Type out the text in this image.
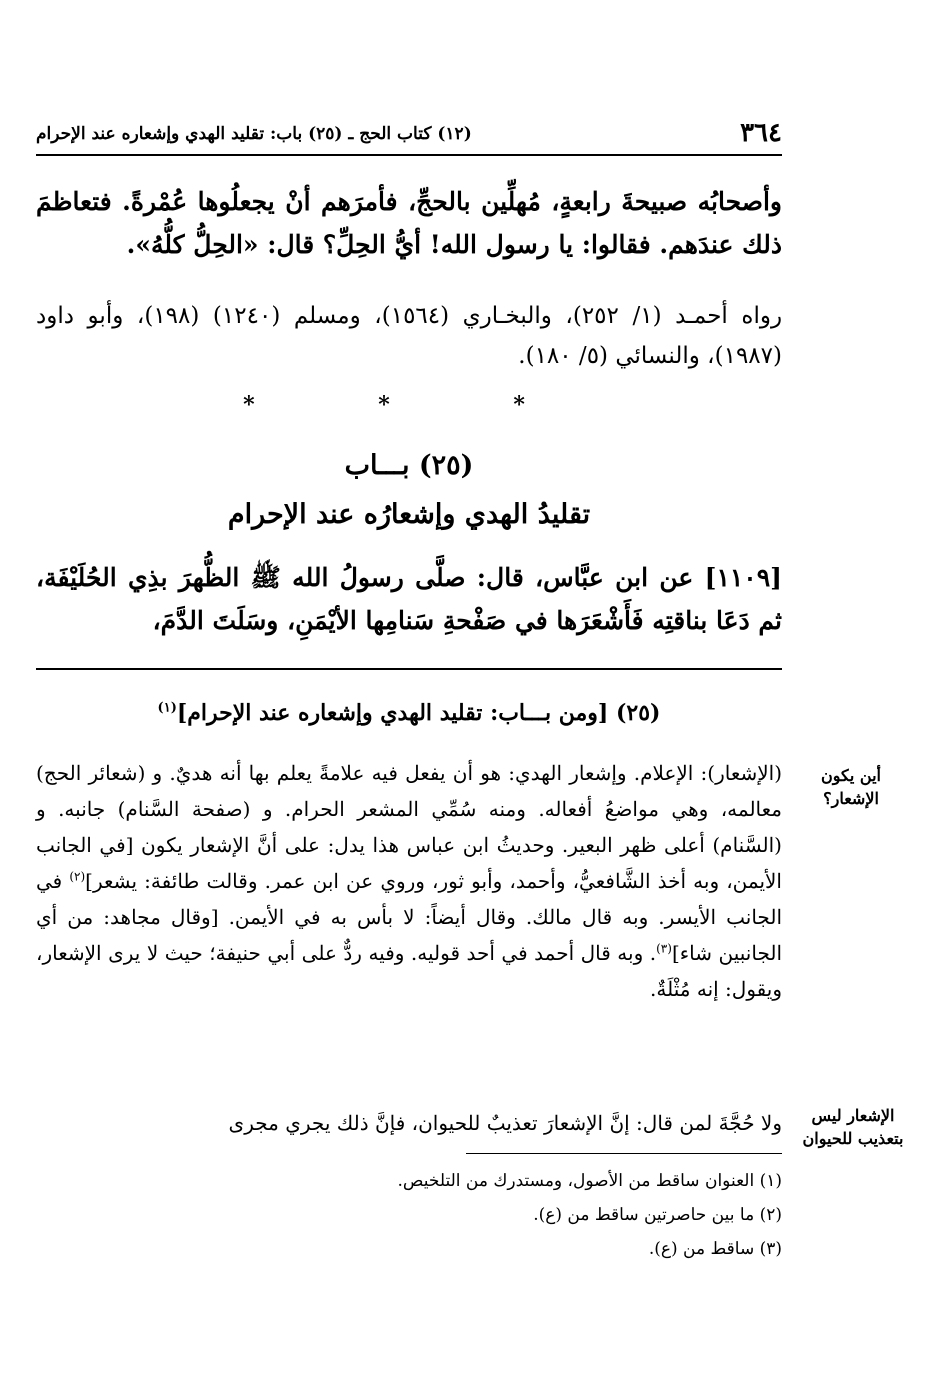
٣٦٤
(١٢) كتاب الحج ـ (٢٥) باب: تقليد الهدي وإشعاره عند الإحرام
وأصحابُه صبيحةَ رابعةٍ، مُهلِّين بالحجِّ، فأمرَهم أنْ يجعلُوها عُمْرةً. فتعاظمَ ذلك عندَهم. فقالوا: يا رسول الله! أيُّ الحِلِّ؟ قال: «الحِلُّ كلُّهُ».
رواه أحمـد (١/ ٢٥٢)، والبخـاري (١٥٦٤)، ومسلم (١٢٤٠) (١٩٨)، وأبو داود (١٩٨٧)، والنسائي (٥/ ١٨٠).
* * *
(٢٥) بـــاب
تقليدُ الهدي وإشعارُه عند الإحرام
[١١٠٩] عن ابن عبَّاس، قال: صلَّى رسولُ الله ﷺ الظُّهرَ بذِي الحُلَيْفَة، ثم دَعَا بناقتِه فَأَشْعَرَها في صَفْحةِ سَنامِها الأيْمَنِ، وسَلَتَ الدَّمَ،
(٢٥) [ومن بـــاب: تقليد الهدي وإشعاره عند الإحرام]$^{(١)}$
(الإشعار): الإعلام. وإشعار الهدي: هو أن يفعل فيه علامةً يعلم بها أنه هديٌ. و (شعائر الحج) معالمه، وهي مواضعُ أفعاله. ومنه سُمِّي المشعر الحرام. و (صفحة السَّنام) جانبه. و (السَّنام) أعلى ظهر البعير. وحديثُ ابن عباس هذا يدل: على أنَّ الإشعار يكون [في الجانب الأيمن، وبه أخذ الشَّافعيُّ، وأحمد، وأبو ثور، وروي عن ابن عمر. وقالت طائفة: يشعر]$^{(٢)}$ في الجانب الأيسر. وبه قال مالك. وقال أيضاً: لا بأس به في الأيمن. [وقال مجاهد: من أي الجانبين شاء]$^{(٣)}$. وبه قال أحمد في أحد قوليه. وفيه ردٌّ على أبي حنيفة؛ حيث لا يرى الإشعار، ويقول: إنه مُثْلَةٌ.
ولا حُجَّةَ لمن قال: إنَّ الإشعارَ تعذيبٌ للحيوان، فإنَّ ذلك يجري مجرى
أين يكون الإشعار؟
الإشعار ليس بتعذيب للحيوان
(١) العنوان ساقط من الأصول، ومستدرك من التلخيص.
(٢) ما بين حاصرتين ساقط من (ع).
(٣) ساقط من (ع).
